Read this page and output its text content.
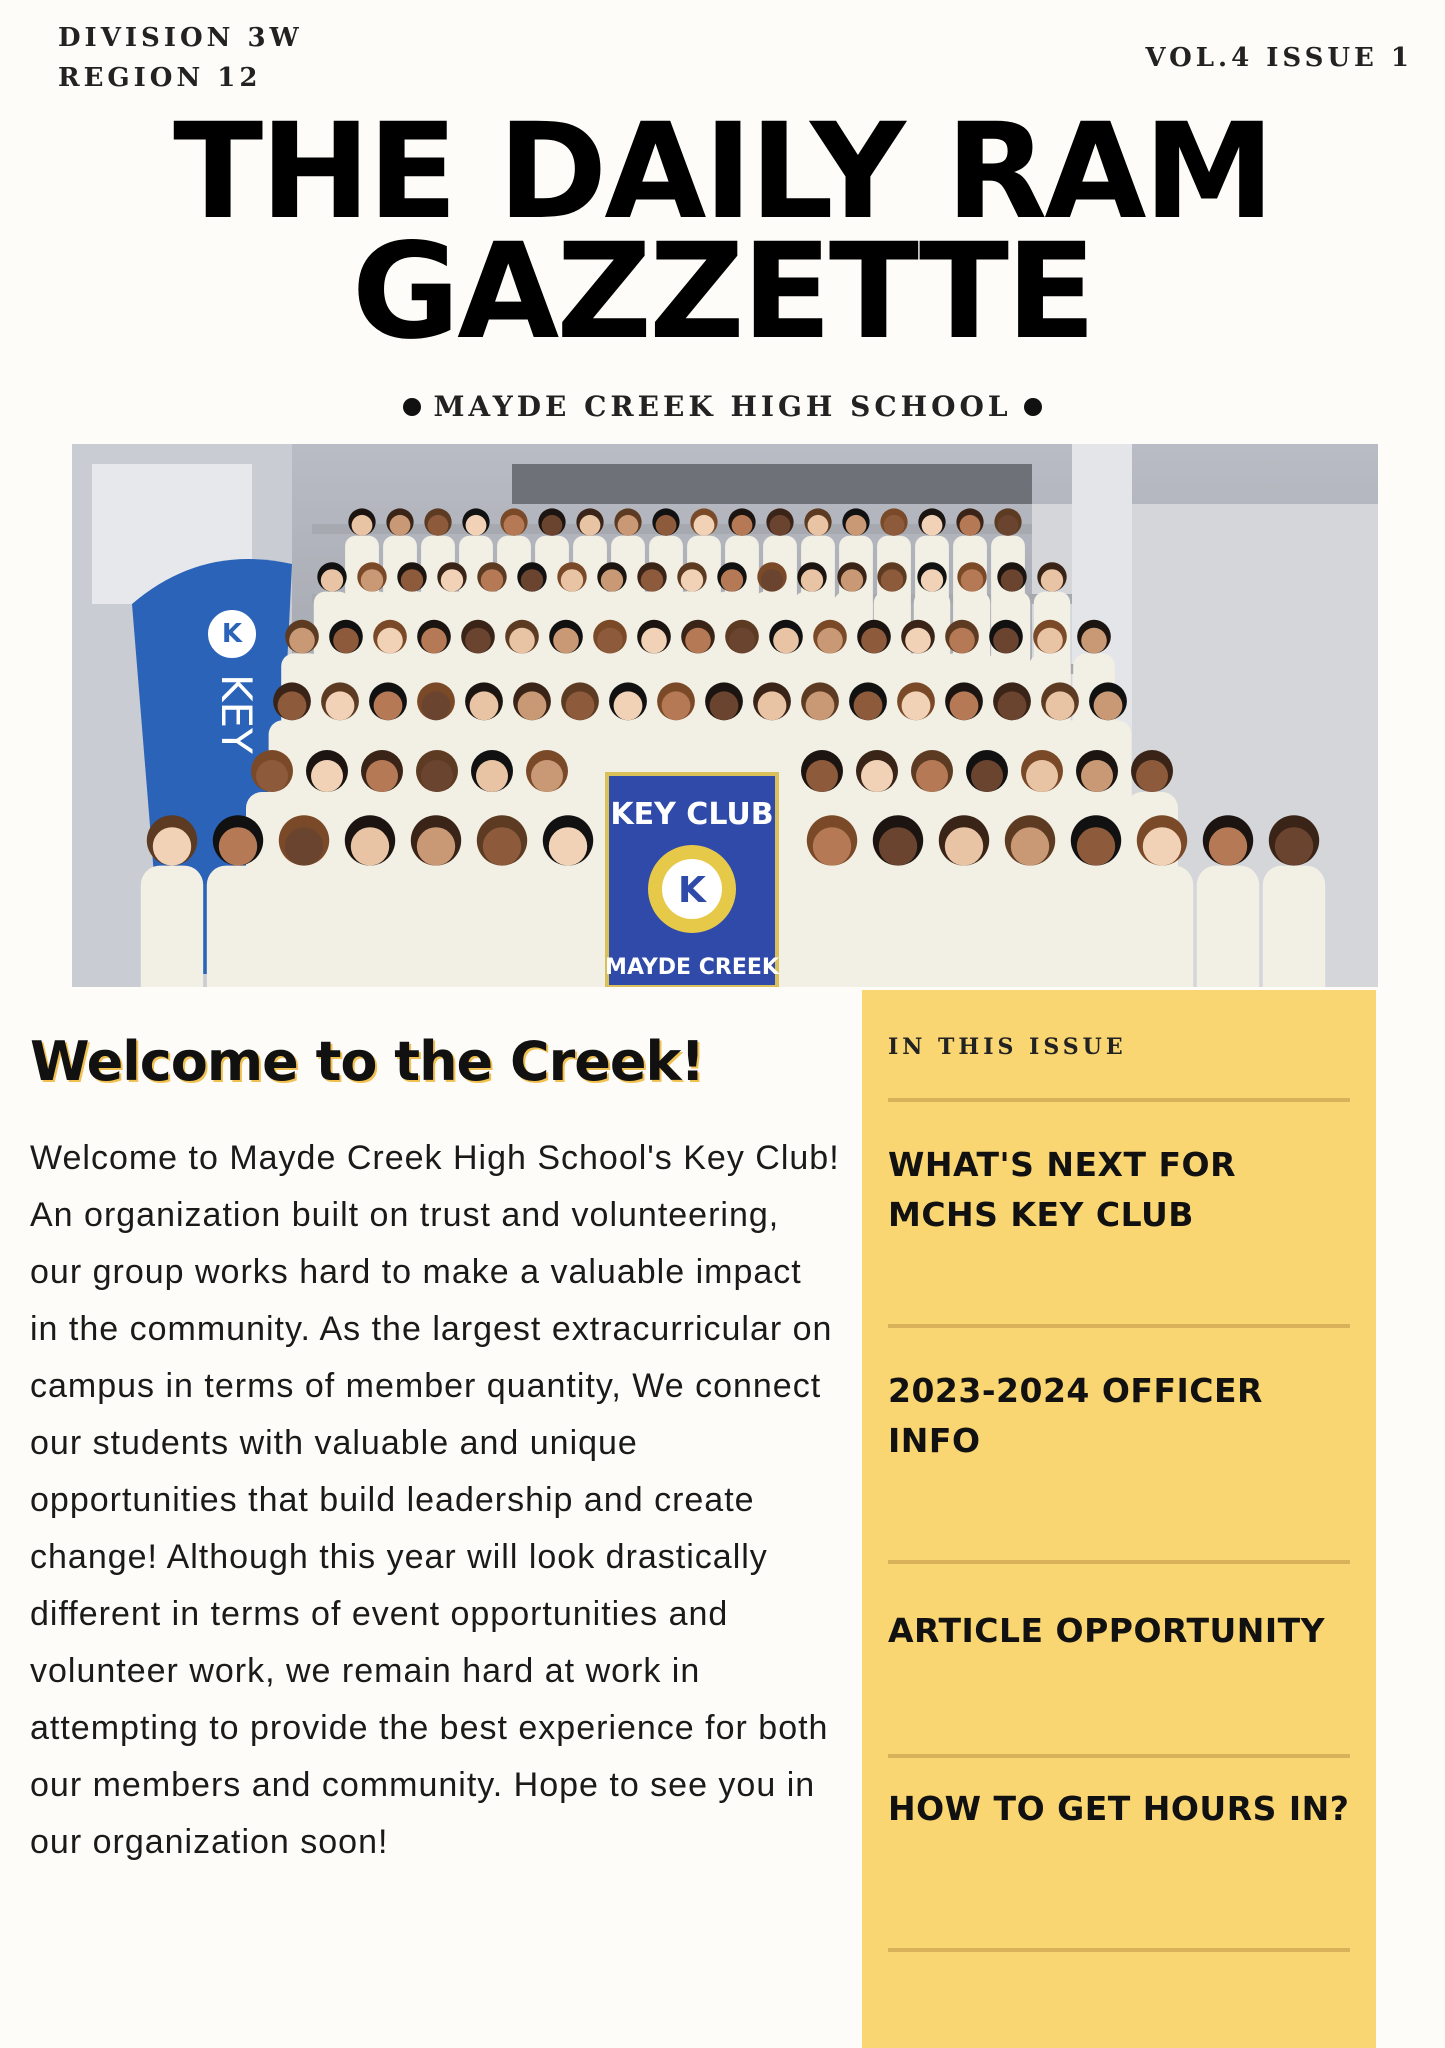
DIVISION 3W
REGION 12
VOL.4 ISSUE 1
THE DAILY RAM
GAZZETTE
MAYDE CREEK HIGH SCHOOL
K
KEY
KEY CLUB
K
MAYDE CREEK
Welcome to the Creek!

Welcome to Mayde Creek High School's Key Club! An organization built on trust and volunteering, our group works hard to make a valuable impact in the community. As the largest extracurricular on campus in terms of member quantity, We connect our students with valuable and unique opportunities that build leadership and create change! Although this year will look drastically different in terms of event opportunities and volunteer work, we remain hard at work in attempting to provide the best experience for both our members and community. Hope to see you in our organization soon!

IN THIS ISSUE
WHAT'S NEXT FOR MCHS KEY CLUB
2023-2024 OFFICER INFO
ARTICLE OPPORTUNITY
HOW TO GET HOURS IN?
